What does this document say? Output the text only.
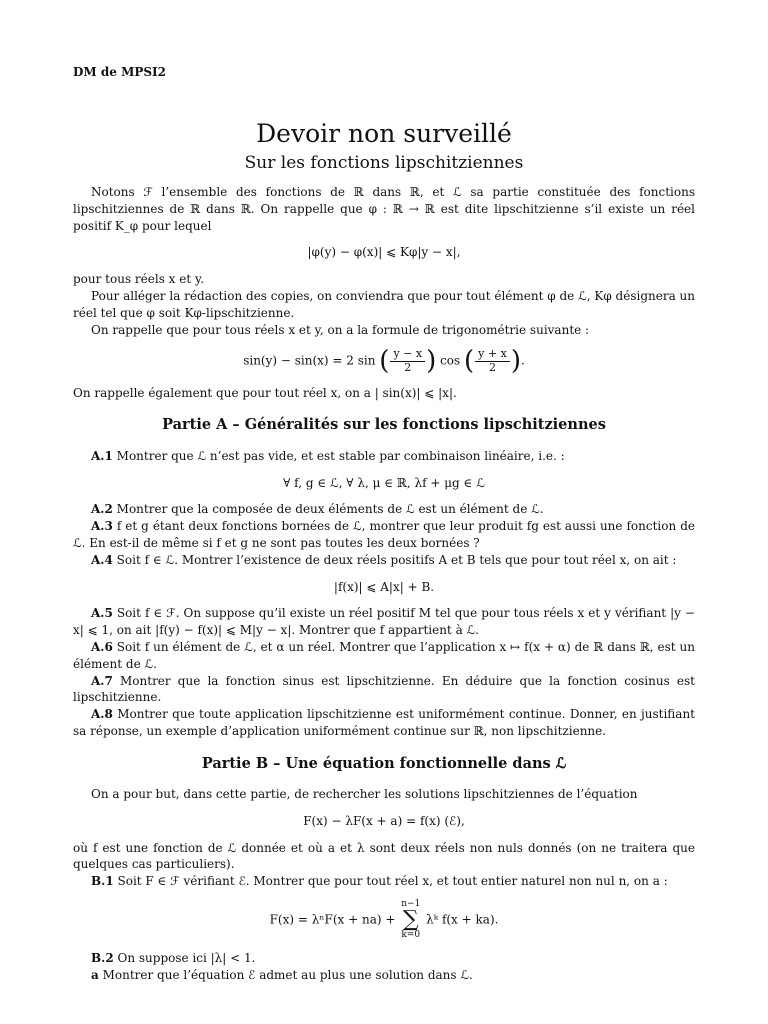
DM de MPSI2
Devoir non surveillé
Sur les fonctions lipschitziennes

Notons ℱ l’ensemble des fonctions de ℝ dans ℝ, et ℒ sa partie constituée des fonctions lipschitziennes de ℝ dans ℝ. On rappelle que φ : ℝ → ℝ est dite lipschitzienne s’il existe un réel positif K_φ pour lequel

|φ(y) − φ(x)| ⩽ Kφ|y − x|,

pour tous réels x et y.

Pour alléger la rédaction des copies, on conviendra que pour tout élément φ de ℒ, Kφ désignera un réel tel que φ soit Kφ-lipschitzienne.

On rappelle que pour tous réels x et y, on a la formule de trigonométrie suivante :

sin(y) − sin(x) = 2 sin ( $\frac{y - x}{2}$ ) cos ( $\frac{y + x}{2}$ ).

On rappelle également que pour tout réel x, on a | sin(x)| ⩽ |x|.

Partie A – Généralités sur les fonctions lipschitziennes

A.1 Montrer que ℒ n’est pas vide, et est stable par combinaison linéaire, i.e. :

∀ f, g ∈ ℒ, ∀ λ, μ ∈ ℝ, λf + μg ∈ ℒ

A.2 Montrer que la composée de deux éléments de ℒ est un élément de ℒ.

A.3 f et g étant deux fonctions bornées de ℒ, montrer que leur produit fg est aussi une fonction de ℒ. En est-il de même si f et g ne sont pas toutes les deux bornées ?

A.4 Soit f ∈ ℒ. Montrer l’existence de deux réels positifs A et B tels que pour tout réel x, on ait :

|f(x)| ⩽ A|x| + B.

A.5 Soit f ∈ ℱ. On suppose qu’il existe un réel positif M tel que pour tous réels x et y vérifiant |y − x| ⩽ 1, on ait |f(y) − f(x)| ⩽ M|y − x|. Montrer que f appartient à ℒ.

A.6 Soit f un élément de ℒ, et α un réel. Montrer que l’application x ↦ f(x + α) de ℝ dans ℝ, est un élément de ℒ.

A.7 Montrer que la fonction sinus est lipschitzienne. En déduire que la fonction cosinus est lipschitzienne.

A.8 Montrer que toute application lipschitzienne est uniformément continue. Donner, en justifiant sa réponse, un exemple d’application uniformément continue sur ℝ, non lipschitzienne.

Partie B – Une équation fonctionnelle dans ℒ

On a pour but, dans cette partie, de rechercher les solutions lipschitziennes de l’équation

F(x) − λF(x + a) = f(x) (ℰ),

où f est une fonction de ℒ donnée et où a et λ sont deux réels non nuls donnés (on ne traitera que quelques cas particuliers).

B.1 Soit F ∈ ℱ vérifiant ℰ. Montrer que pour tout réel x, et tout entier naturel non nul n, on a :

F(x) = λⁿF(x + na) +
n−1
∑
k=0
λᵏ f(x + ka).

B.2 On suppose ici |λ| < 1.

a Montrer que l’équation ℰ admet au plus une solution dans ℒ.
